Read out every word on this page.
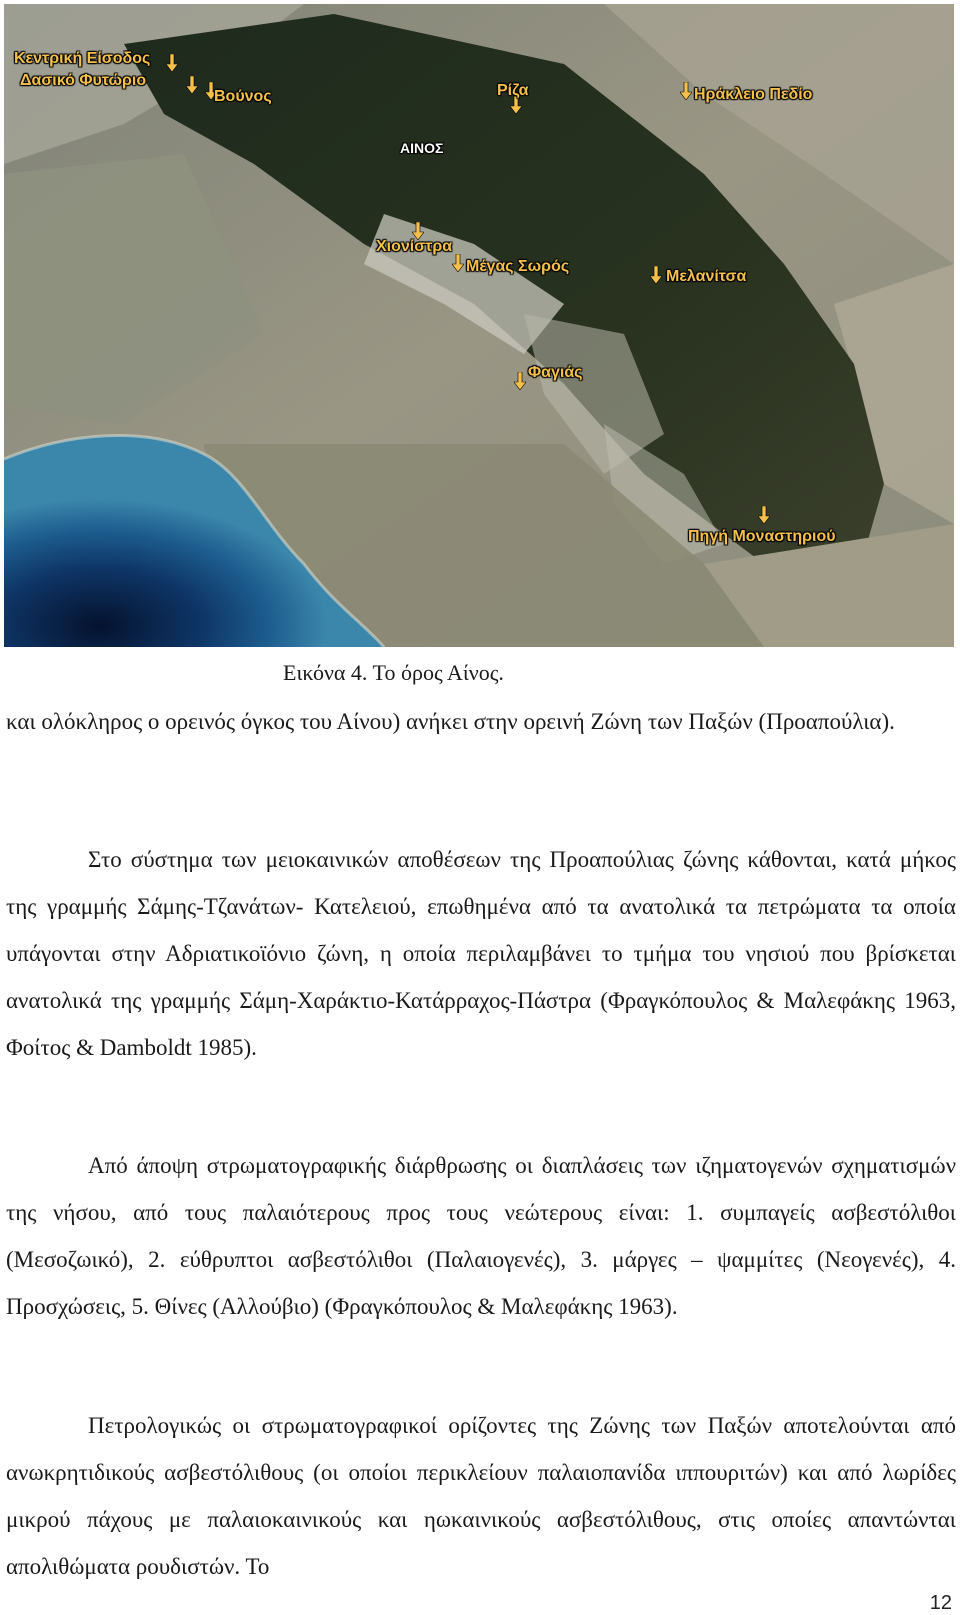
Κεντρική Είσοδος
Δασικό Φυτώριο
Βούνος	Ρίζα	Ηράκλειο Πεδίο
ΑΙΝΟΣ
Χιονίστρα
Μέγας Σωρός
Μελανίτσα
Φαγιάς
Πηγή Μοναστηριού
Εικόνα 4. Το όρος Αίνος.

και ολόκληρος ο ορεινός όγκος του Αίνου) ανήκει στην ορεινή Ζώνη των Παξών (Προαπούλια).

Στο σύστημα των μειοκαινικών αποθέσεων της Προαπούλιας ζώνης κάθονται, κατά μήκος της γραμμής Σάμης-Τζανάτων- Κατελειού, επωθημένα από τα ανατολικά τα πετρώματα τα οποία υπάγονται στην Αδριατικοϊόνιο ζώνη, η οποία περιλαμβάνει το τμήμα του νησιού που βρίσκεται ανατολικά της γραμμής Σάμη-Χαράκτιο-Κατάρραχος-Πάστρα (Φραγκόπουλος & Μαλεφάκης 1963, Φοίτος & Damboldt 1985).

Από άποψη στρωματογραφικής διάρθρωσης οι διαπλάσεις των ιζηματογενών σχηματισμών της νήσου, από τους παλαιότερους προς τους νεώτερους είναι: 1. συμπαγείς ασβεστόλιθοι (Μεσοζωικό), 2. εύθρυπτοι ασβεστόλιθοι (Παλαιογενές), 3. μάργες – ψαμμίτες (Νεογενές), 4. Προσχώσεις, 5. Θίνες (Αλλούβιο) (Φραγκόπουλος & Μαλεφάκης 1963).

Πετρολογικώς οι στρωματογραφικοί ορίζοντες της Ζώνης των Παξών αποτελούνται από ανωκρητιδικούς ασβεστόλιθους (οι οποίοι περικλείουν παλαιοπανίδα ιππουριτών) και από λωρίδες μικρού πάχους με παλαιοκαινικούς και ηωκαινικούς ασβεστόλιθους, στις οποίες απαντώνται απολιθώματα ρουδιστών. Το

12
